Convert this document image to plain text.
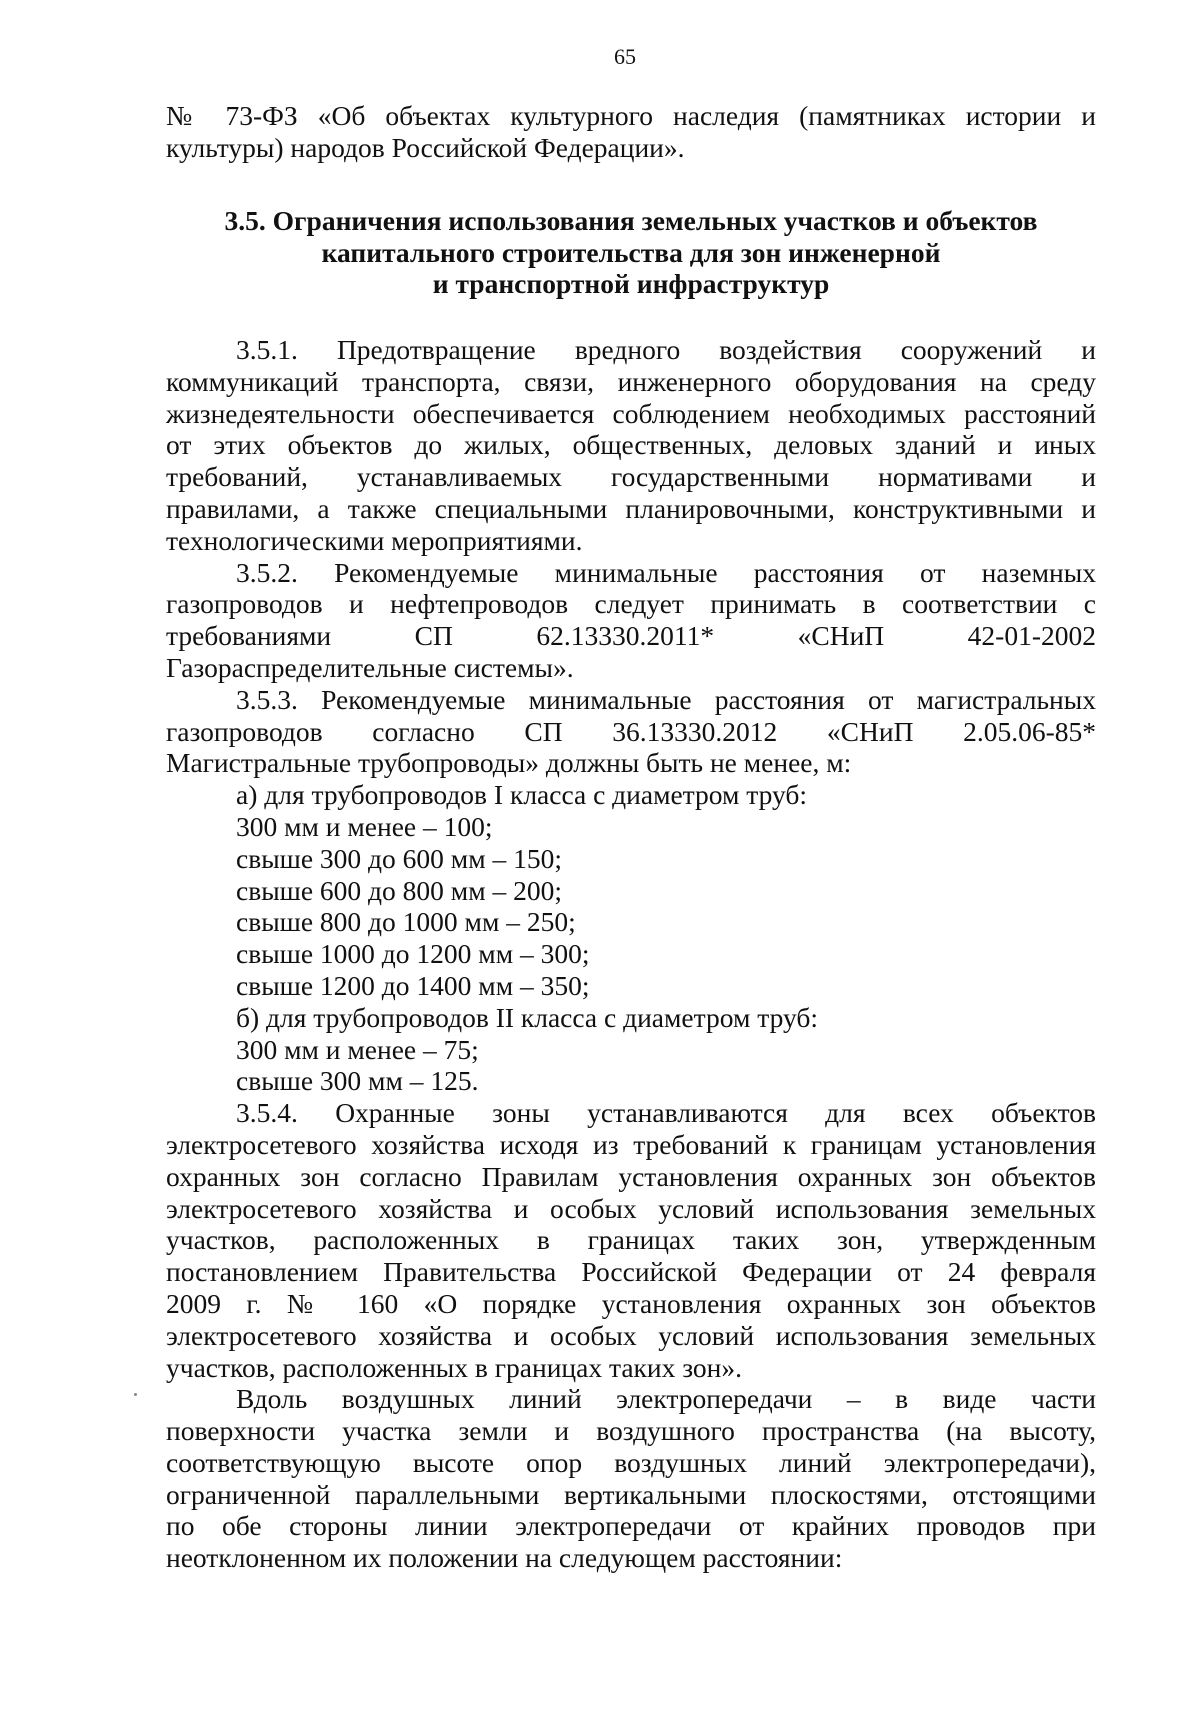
65
№ 73-ФЗ «Об объектах культурного наследия (памятниках истории и
культуры) народов Российской Федерации».
3.5. Ограничения использования земельных участков и объектов
капитального строительства для зон инженерной
и транспортной инфраструктур
3.5.1. Предотвращение вредного воздействия сооружений и
коммуникаций транспорта, связи, инженерного оборудования на среду
жизнедеятельности обеспечивается соблюдением необходимых расстояний
от этих объектов до жилых, общественных, деловых зданий и иных
требований, устанавливаемых государственными нормативами и
правилами, а также специальными планировочными, конструктивными и
технологическими мероприятиями.
3.5.2. Рекомендуемые минимальные расстояния от наземных
газопроводов и нефтепроводов следует принимать в соответствии с
требованиями СП 62.13330.2011* «СНиП 42-01-2002
Газораспределительные системы».
3.5.3. Рекомендуемые минимальные расстояния от магистральных
газопроводов согласно СП 36.13330.2012 «СНиП 2.05.06-85*
Магистральные трубопроводы» должны быть не менее, м:
а) для трубопроводов I класса с диаметром труб:
300 мм и менее – 100;
свыше 300 до 600 мм – 150;
свыше 600 до 800 мм – 200;
свыше 800 до 1000 мм – 250;
свыше 1000 до 1200 мм – 300;
свыше 1200 до 1400 мм – 350;
б) для трубопроводов II класса с диаметром труб:
300 мм и менее – 75;
свыше 300 мм – 125.
3.5.4. Охранные зоны устанавливаются для всех объектов
электросетевого хозяйства исходя из требований к границам установления
охранных зон согласно Правилам установления охранных зон объектов
электросетевого хозяйства и особых условий использования земельных
участков, расположенных в границах таких зон, утвержденным
постановлением Правительства Российской Федерации от 24 февраля
2009 г. № 160 «О порядке установления охранных зон объектов
электросетевого хозяйства и особых условий использования земельных
участков, расположенных в границах таких зон».
Вдоль воздушных линий электропередачи – в виде части
поверхности участка земли и воздушного пространства (на высоту,
соответствующую высоте опор воздушных линий электропередачи),
ограниченной параллельными вертикальными плоскостями, отстоящими
по обе стороны линии электропередачи от крайних проводов при
неотклоненном их положении на следующем расстоянии:
